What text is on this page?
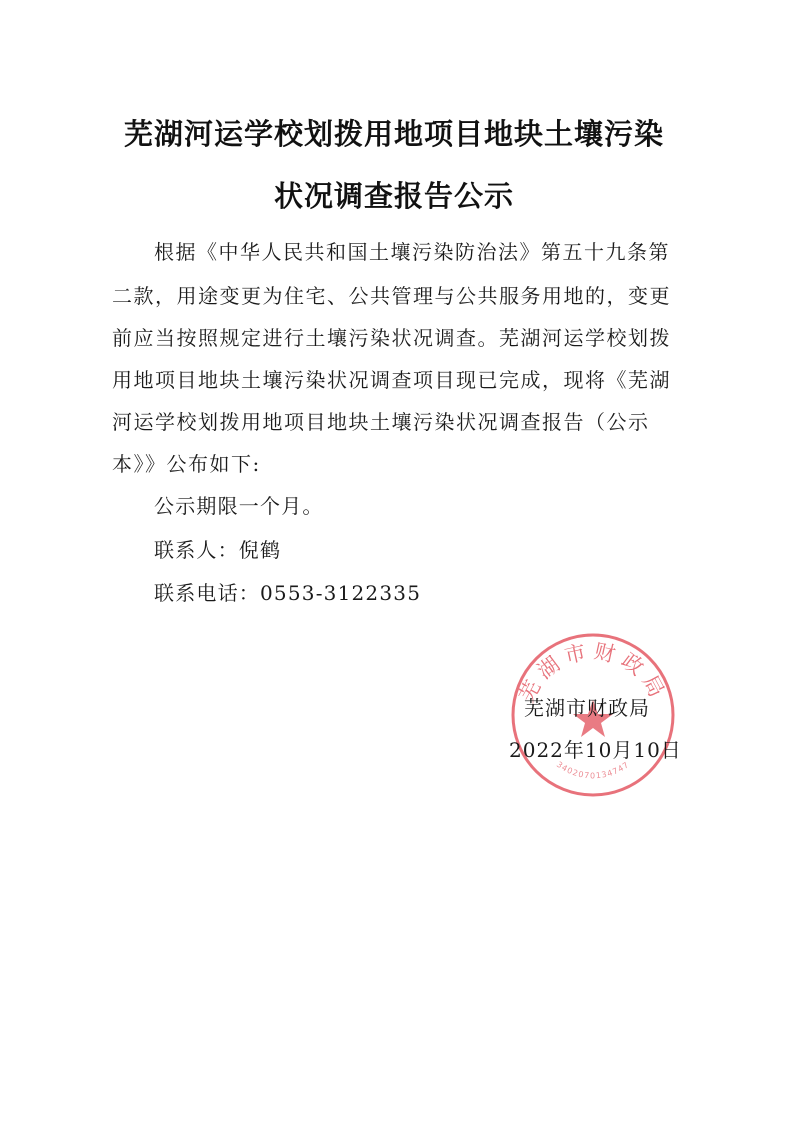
芜湖河运学校划拨用地项目地块土壤污染
状况调查报告公示
根据《中华人民共和国土壤污染防治法》第五十九条第
二款，用途变更为住宅、公共管理与公共服务用地的，变更
前应当按照规定进行土壤污染状况调查。芜湖河运学校划拨
用地项目地块土壤污染状况调查项目现已完成，现将《芜湖
河运学校划拨用地项目地块土壤污染状况调查报告（公示
本》》公布如下:
公示期限一个月。
联系人：倪鹤
联系电话：0553-3122335
芜湖市财政局
3402070134747
芜湖市财政局
2022年10月10日
